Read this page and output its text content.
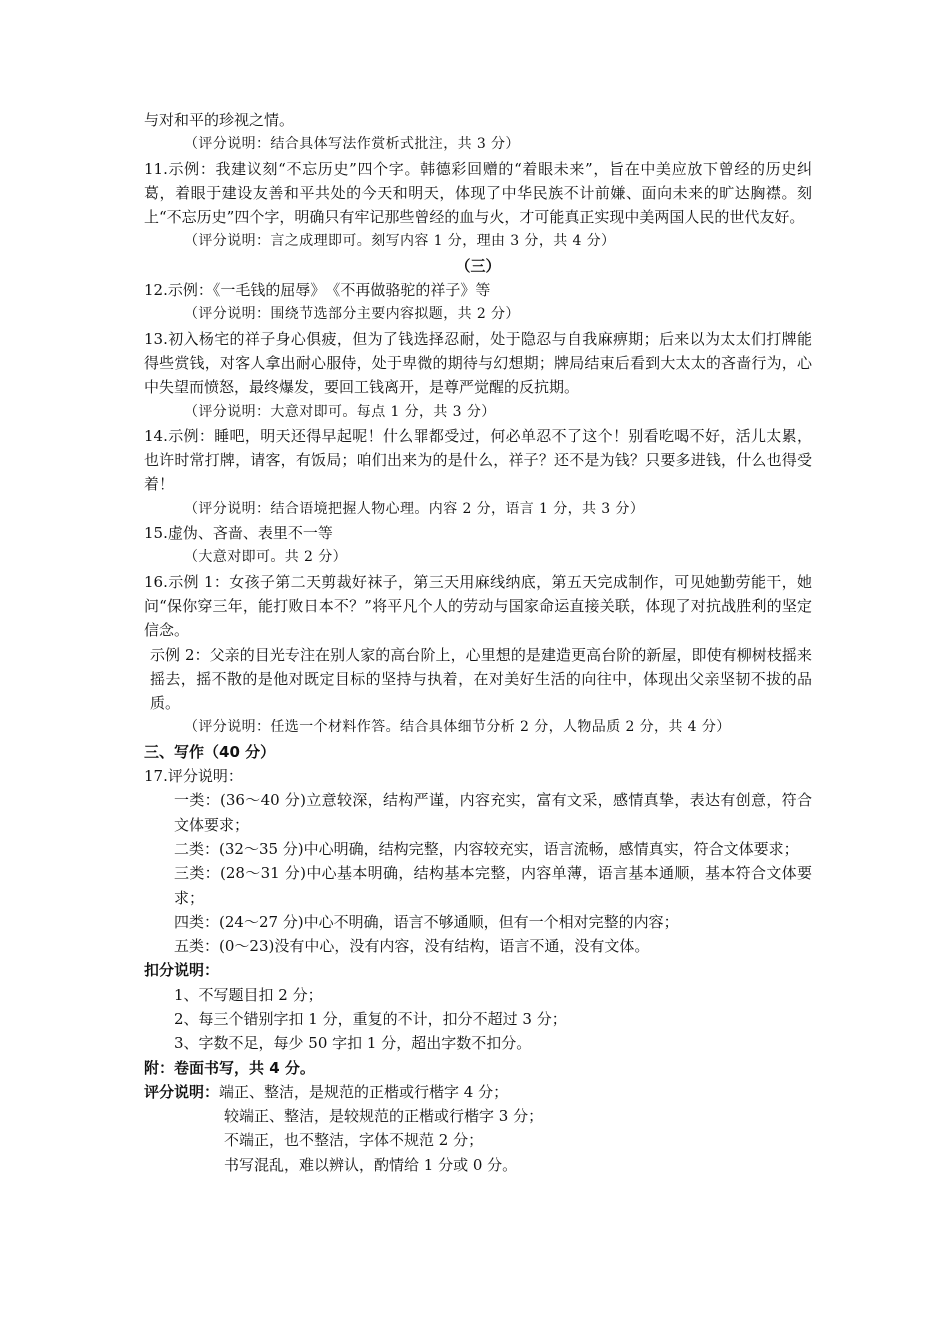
与对和平的珍视之情。

（评分说明：结合具体写法作赏析式批注，共 3 分）

11.示例：我建议刻“不忘历史”四个字。韩德彩回赠的“着眼未来”，旨在中美应放下曾经的历史纠葛，着眼于建设友善和平共处的今天和明天，体现了中华民族不计前嫌、面向未来的旷达胸襟。刻上“不忘历史”四个字，明确只有牢记那些曾经的血与火，才可能真正实现中美两国人民的世代友好。

（评分说明：言之成理即可。刻写内容 1 分，理由 3 分，共 4 分）

（三）

12.示例：《一毛钱的屈辱》　《不再做骆驼的祥子》等

（评分说明：围绕节选部分主要内容拟题，共 2 分）

13.初入杨宅的祥子身心俱疲，但为了钱选择忍耐，处于隐忍与自我麻痹期；后来以为太太们打牌能得些赏钱，对客人拿出耐心服侍，处于卑微的期待与幻想期；牌局结束后看到大太太的吝啬行为，心中失望而愤怒，最终爆发，要回工钱离开，是尊严觉醒的反抗期。

（评分说明：大意对即可。每点 1 分，共 3 分）

14.示例：睡吧，明天还得早起呢！什么罪都受过，何必单忍不了这个！别看吃喝不好，活儿太累，也许时常打牌，请客，有饭局；咱们出来为的是什么，祥子？还不是为钱？只要多进钱，什么也得受着！

（评分说明：结合语境把握人物心理。内容 2 分，语言 1 分，共 3 分）

15.虚伪、吝啬、表里不一等

（大意对即可。共 2 分）

16.示例 1：女孩子第二天剪裁好袜子，第三天用麻线纳底，第五天完成制作，可见她勤劳能干，她问“保你穿三年，能打败日本不？”将平凡个人的劳动与国家命运直接关联，体现了对抗战胜利的坚定信念。

示例 2：父亲的目光专注在别人家的高台阶上，心里想的是建造更高台阶的新屋，即使有柳树枝摇来摇去，摇不散的是他对既定目标的坚持与执着，在对美好生活的向往中，体现出父亲坚韧不拔的品质。

（评分说明：任选一个材料作答。结合具体细节分析 2 分，人物品质 2 分，共 4 分）

三、写作（40 分）

17.评分说明：

一类：(36～40 分)立意较深，结构严谨，内容充实，富有文采，感情真挚，表达有创意，符合文体要求；

二类：(32～35 分)中心明确，结构完整，内容较充实，语言流畅，感情真实，符合文体要求；

三类：(28～31 分)中心基本明确，结构基本完整，内容单薄，语言基本通顺，基本符合文体要求；

四类：(24～27 分)中心不明确，语言不够通顺，但有一个相对完整的内容；

五类：(0～23)没有中心，没有内容，没有结构，语言不通，没有文体。

扣分说明：

1、不写题目扣 2 分；

2、每三个错别字扣 1 分，重复的不计，扣分不超过 3 分；

3、字数不足，每少 50 字扣 1 分，超出字数不扣分。

附：卷面书写，共 4 分。

评分说明：端正、整洁，是规范的正楷或行楷字 4 分；

较端正、整洁，是较规范的正楷或行楷字 3 分；

不端正，也不整洁，字体不规范 2 分；

书写混乱，难以辨认，酌情给 1 分或 0 分。
